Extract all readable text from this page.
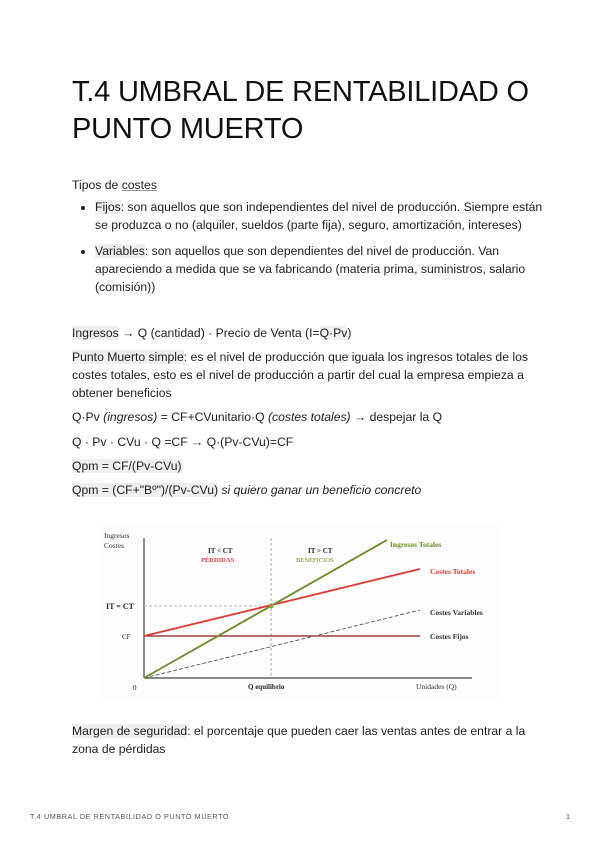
T.4 UMBRAL DE RENTABILIDAD O PUNTO MUERTO

Tipos de costes

• Fijos: son aquellos que son independientes del nivel de producción. Siempre están se produzca o no (alquiler, sueldos (parte fija), seguro, amortización, intereses)
• Variables: son aquellos que son dependientes del nivel de producción. Van apareciendo a medida que se va fabricando (materia prima, suministros, salario (comisión))

Ingresos → Q (cantidad) · Precio de Venta (I=Q·Pv)

Punto Muerto simple: es el nivel de producción que iguala los ingresos totales de los costes totales, esto es el nivel de producción a partir del cual la empresa empieza a obtener beneficios

Q·Pv (ingresos) = CF+CVunitario·Q (costes totales) → despejar la Q

Q · Pv · CVu · Q =CF → Q·(Pv-CVu)=CF

Qpm = CF/(Pv-CVu)

Qpm = (CF+"Bº")/(Pv-CVu) si quiero ganar un beneficio concreto

Ingresos
Costes
IT = CT
CF
0	Q equilibrio	Unidades (Q)
IT < CT
PÉRDIDAS
IT > CT
BENEFICIOS
Ingresos Totales
Costes Totales
Costes Variables
Costes Fijos

Margen de seguridad: el porcentaje que pueden caer las ventas antes de entrar a la zona de pérdidas

T.4 UMBRAL DE RENTABILIDAD O PUNTO MUERTO	1
